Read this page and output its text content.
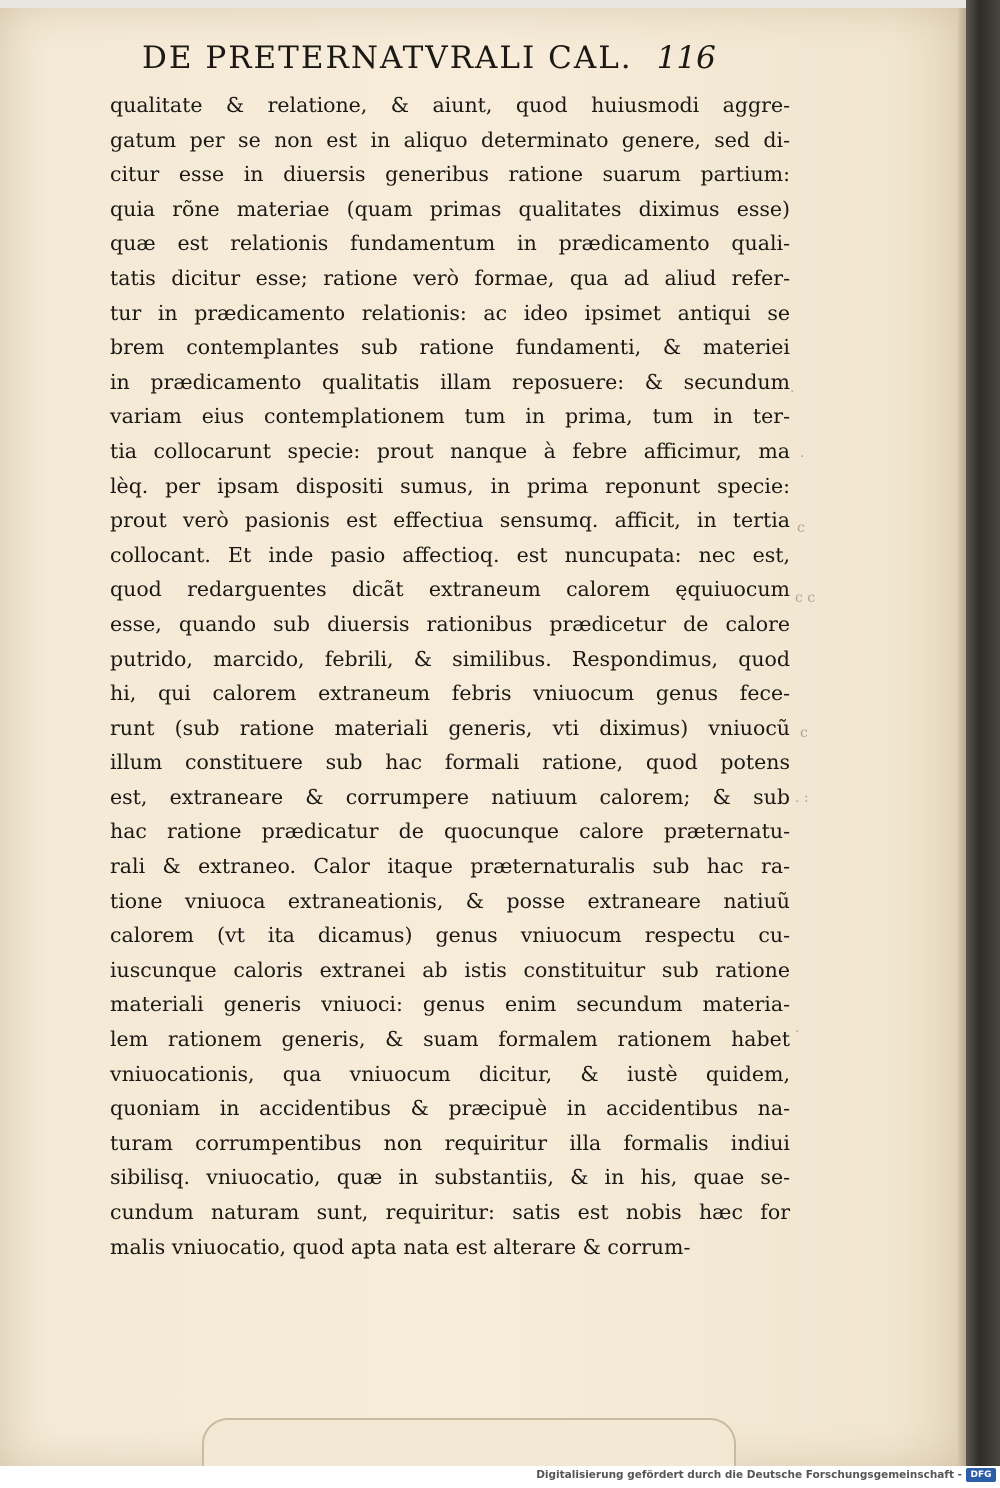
DE PRETERNATVRALI CAL. 116
qualitate & relatione, & aiunt, quod huiusmodi aggre-
gatum per se non est in aliquo determinato genere, sed di-
citur esse in diuersis generibus ratione suarum partium:
quia rõne materiae (quam primas qualitates diximus esse)
quæ est relationis fundamentum in prædicamento quali-
tatis dicitur esse; ratione verò formae, qua ad aliud refer-
tur in prædicamento relationis: ac ideo ipsimet antiqui se
brem contemplantes sub ratione fundamenti, & materiei
in prædicamento qualitatis illam reposuere: & secundum
variam eius contemplationem tum in prima, tum in ter-
tia collocarunt specie: prout nanque à febre afficimur, ma
lèq. per ipsam dispositi sumus, in prima reponunt specie:
prout verò pasionis est effectiua sensumq. afficit, in tertia
collocant. Et inde pasio affectioq. est nuncupata: nec est,
quod redarguentes dicãt extraneum calorem ęquiuocum
esse, quando sub diuersis rationibus prædicetur de calore
putrido, marcido, febrili, & similibus. Respondimus, quod
hi, qui calorem extraneum febris vniuocum genus fece-
runt (sub ratione materiali generis, vti diximus) vniuocũ
illum constituere sub hac formali ratione, quod potens
est, extraneare & corrumpere natiuum calorem; & sub
hac ratione prædicatur de quocunque calore præternatu-
rali & extraneo. Calor itaque præternaturalis sub hac ra-
tione vniuoca extraneationis, & posse extraneare natiuũ
calorem (vt ita dicamus) genus vniuocum respectu cu-
iuscunque caloris extranei ab istis constituitur sub ratione
materiali generis vniuoci: genus enim secundum materia-
lem rationem generis, & suam formalem rationem habet
vniuocationis, qua vniuocum dicitur, & iustè quidem,
quoniam in accidentibus & præcipuè in accidentibus na-
turam corrumpentibus non requiritur illa formalis indiui
sibilisq. vniuocatio, quæ in substantiis, & in his, quae se-
cundum naturam sunt, requiritur: satis est nobis hæc for
malis vniuocatio, quod apta nata est alterare & corrum-
.
.
c
c c
c
. :
.
Digitalisierung gefördert durch die Deutsche Forschungsgemeinschaft - DFG
